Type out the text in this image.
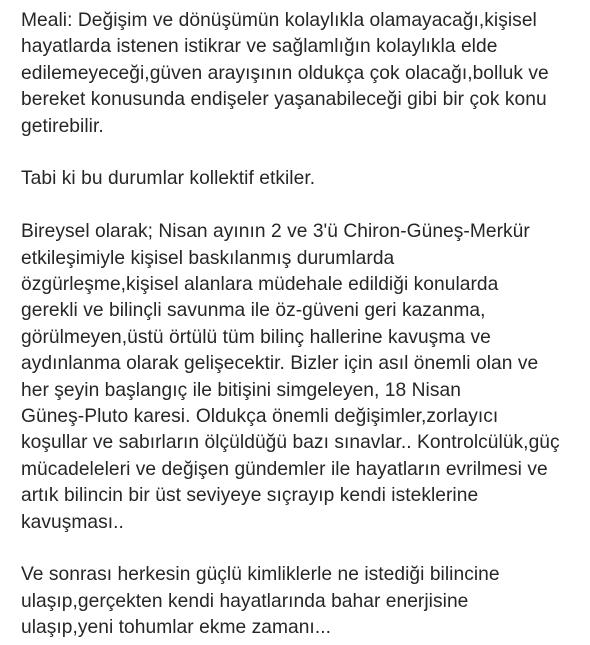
Meali: Değişim ve dönüşümün kolaylıkla olamayacağı,kişisel
hayatlarda istenen istikrar ve sağlamlığın kolaylıkla elde
edilemeyeceği,güven arayışının oldukça çok olacağı,bolluk ve
bereket konusunda endişeler yaşanabileceği gibi bir çok konu
getirebilir.

Tabi ki bu durumlar kollektif etkiler.

Bireysel olarak; Nisan ayının 2 ve 3'ü Chiron-Güneş-Merkür
etkileşimiyle kişisel baskılanmış durumlarda
özgürleşme,kişisel alanlara müdehale edildiği konularda
gerekli ve bilinçli savunma ile öz-güveni geri kazanma,
görülmeyen,üstü örtülü tüm bilinç hallerine kavuşma ve
aydınlanma olarak gelişecektir. Bizler için asıl önemli olan ve
her şeyin başlangıç ile bitişini simgeleyen, 18 Nisan
Güneş-Pluto karesi. Oldukça önemli değişimler,zorlayıcı
koşullar ve sabırların ölçüldüğü bazı sınavlar.. Kontrolcülük,güç
mücadeleleri ve değişen gündemler ile hayatların evrilmesi ve
artık bilincin bir üst seviyeye sıçrayıp kendi isteklerine
kavuşması..

Ve sonrası herkesin güçlü kimliklerle ne istediği bilincine
ulaşıp,gerçekten kendi hayatlarında bahar enerjisine
ulaşıp,yeni tohumlar ekme zamanı...
